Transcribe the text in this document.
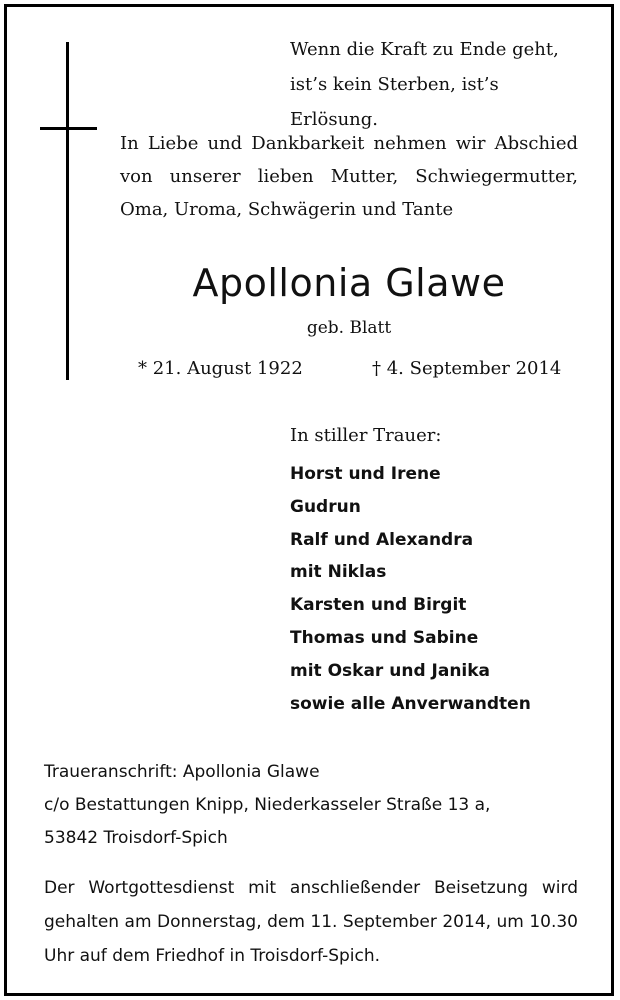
Wenn die Kraft zu Ende geht,
ist’s kein Sterben, ist’s Erlösung.
In Liebe und Dankbarkeit nehmen wir Abschied von unserer lieben Mutter, Schwiegermutter, Oma, Uroma, Schwägerin und Tante
Apollonia Glawe
geb. Blatt
* 21. August 1922	† 4. September 2014
In stiller Trauer:
Horst und Irene
Gudrun
Ralf und Alexandra
mit Niklas
Karsten und Birgit
Thomas und Sabine
mit Oskar und Janika
sowie alle Anverwandten
Traueranschrift: Apollonia Glawe
c/o Bestattungen Knipp, Niederkasseler Straße 13 a,
53842 Troisdorf-Spich
Der Wortgottesdienst mit anschließender Beisetzung wird gehalten am Donnerstag, dem 11. September 2014, um 10.30 Uhr auf dem Friedhof in Troisdorf-Spich.
